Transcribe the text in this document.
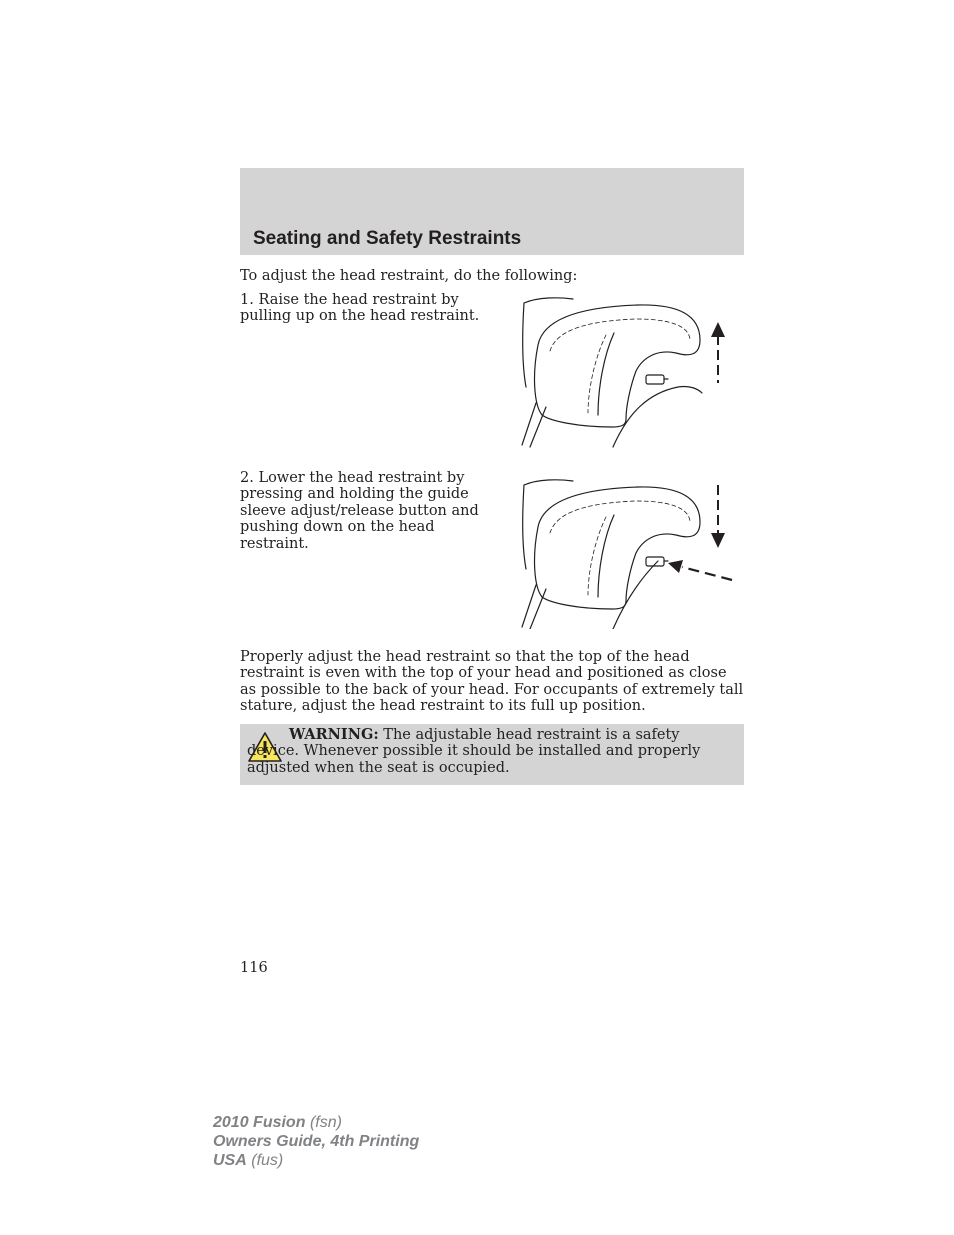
Seating and Safety Restraints
To adjust the head restraint, do the following:
1. Raise the head restraint by pulling up on the head restraint.
2. Lower the head restraint by pressing and holding the guide sleeve adjust/release button and pushing down on the head restraint.
Properly adjust the head restraint so that the top of the head restraint is even with the top of your head and positioned as close as possible to the back of your head. For occupants of extremely tall stature, adjust the head restraint to its full up position.

WARNING: The adjustable head restraint is a safety device. Whenever possible it should be installed and properly adjusted when the seat is occupied.

116
2010 Fusion (fsn)
Owners Guide, 4th Printing
USA (fus)
